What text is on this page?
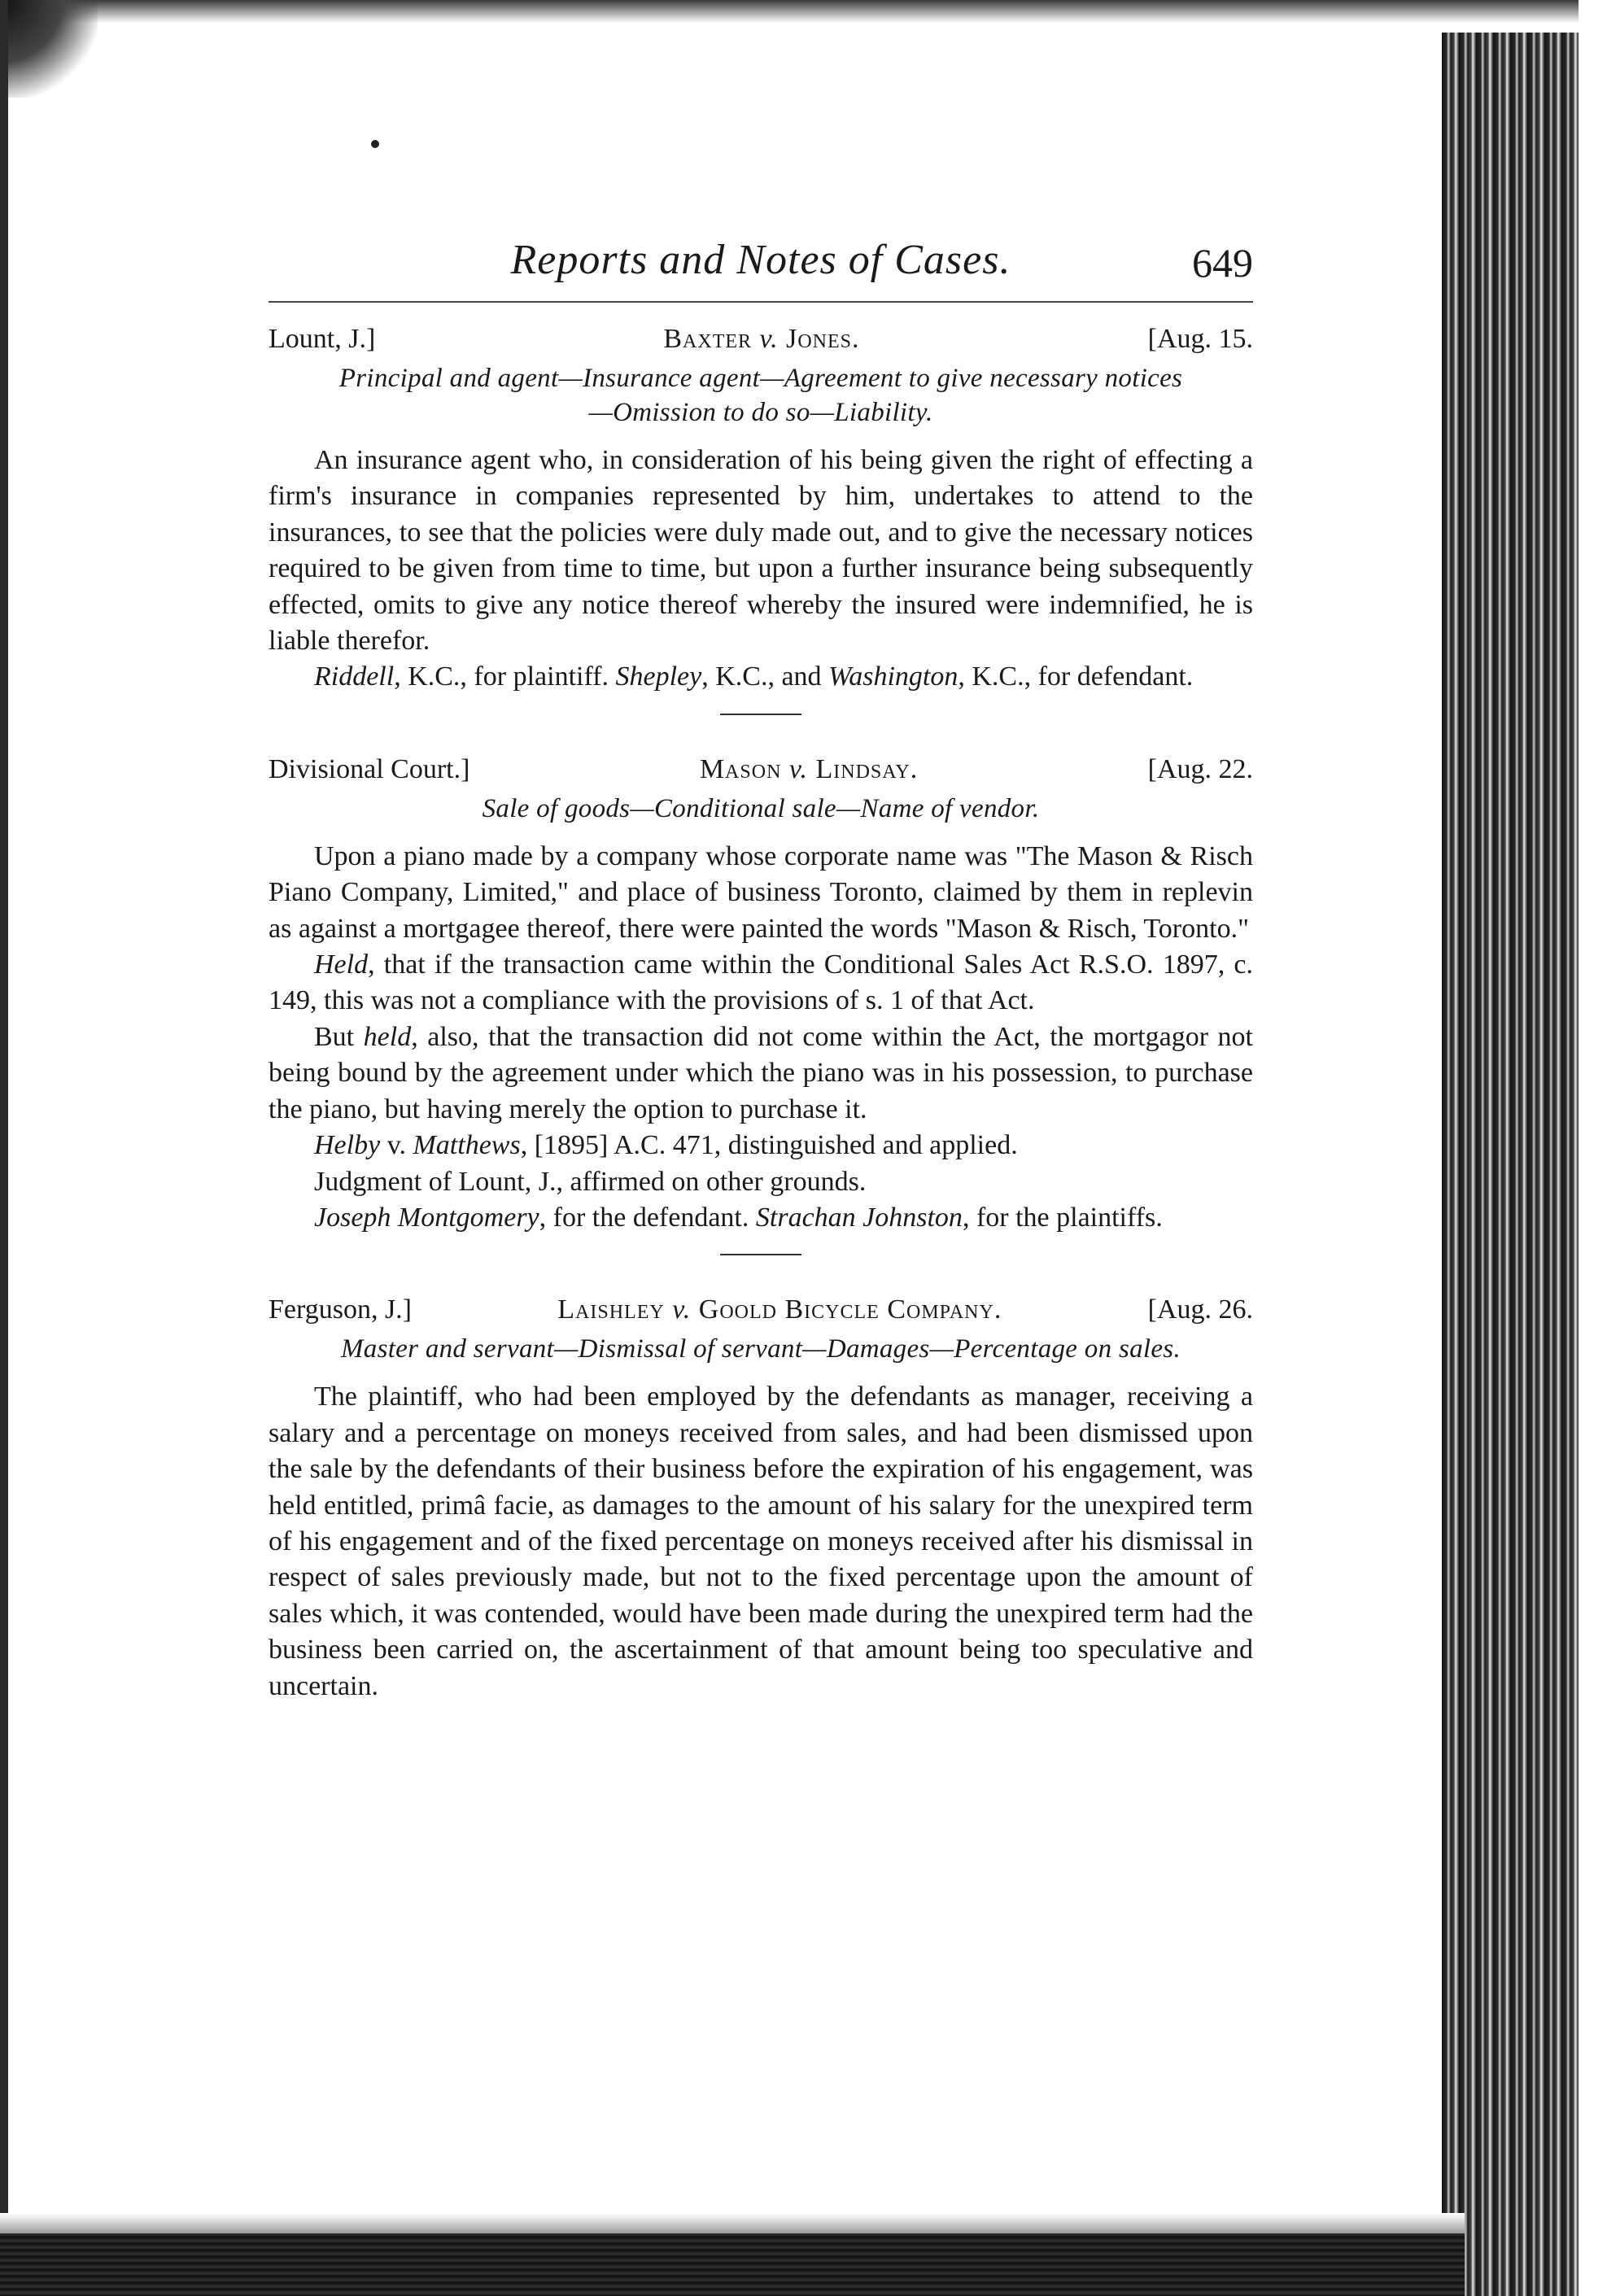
Reports and Notes of Cases.	649
Lount, J.]	Baxter v. Jones.	[Aug. 15.
Principal and agent—Insurance agent—Agreement to give necessary notices
—Omission to do so—Liability.

An insurance agent who, in consideration of his being given the right of effecting a firm's insurance in companies represented by him, undertakes to attend to the insurances, to see that the policies were duly made out, and to give the necessary notices required to be given from time to time, but upon a further insurance being subsequently effected, omits to give any notice thereof whereby the insured were indemnified, he is liable therefor.

Riddell, K.C., for plaintiff. Shepley, K.C., and Washington, K.C., for defendant.

Divisional Court.]	Mason v. Lindsay.	[Aug. 22.
Sale of goods—Conditional sale—Name of vendor.

Upon a piano made by a company whose corporate name was "The Mason & Risch Piano Company, Limited," and place of business Toronto, claimed by them in replevin as against a mortgagee thereof, there were painted the words "Mason & Risch, Toronto."

Held, that if the transaction came within the Conditional Sales Act R.S.O. 1897, c. 149, this was not a compliance with the provisions of s. 1 of that Act.

But held, also, that the transaction did not come within the Act, the mortgagor not being bound by the agreement under which the piano was in his possession, to purchase the piano, but having merely the option to purchase it.

Helby v. Matthews, [1895] A.C. 471, distinguished and applied.

Judgment of Lount, J., affirmed on other grounds.

Joseph Montgomery, for the defendant. Strachan Johnston, for the plaintiffs.

Ferguson, J.]	Laishley v. Goold Bicycle Company.	[Aug. 26.
Master and servant—Dismissal of servant—Damages—Percentage on sales.

The plaintiff, who had been employed by the defendants as manager, receiving a salary and a percentage on moneys received from sales, and had been dismissed upon the sale by the defendants of their business before the expiration of his engagement, was held entitled, primâ facie, as damages to the amount of his salary for the unexpired term of his engagement and of the fixed percentage on moneys received after his dismissal in respect of sales previously made, but not to the fixed percentage upon the amount of sales which, it was contended, would have been made during the unexpired term had the business been carried on, the ascertainment of that amount being too speculative and uncertain.
